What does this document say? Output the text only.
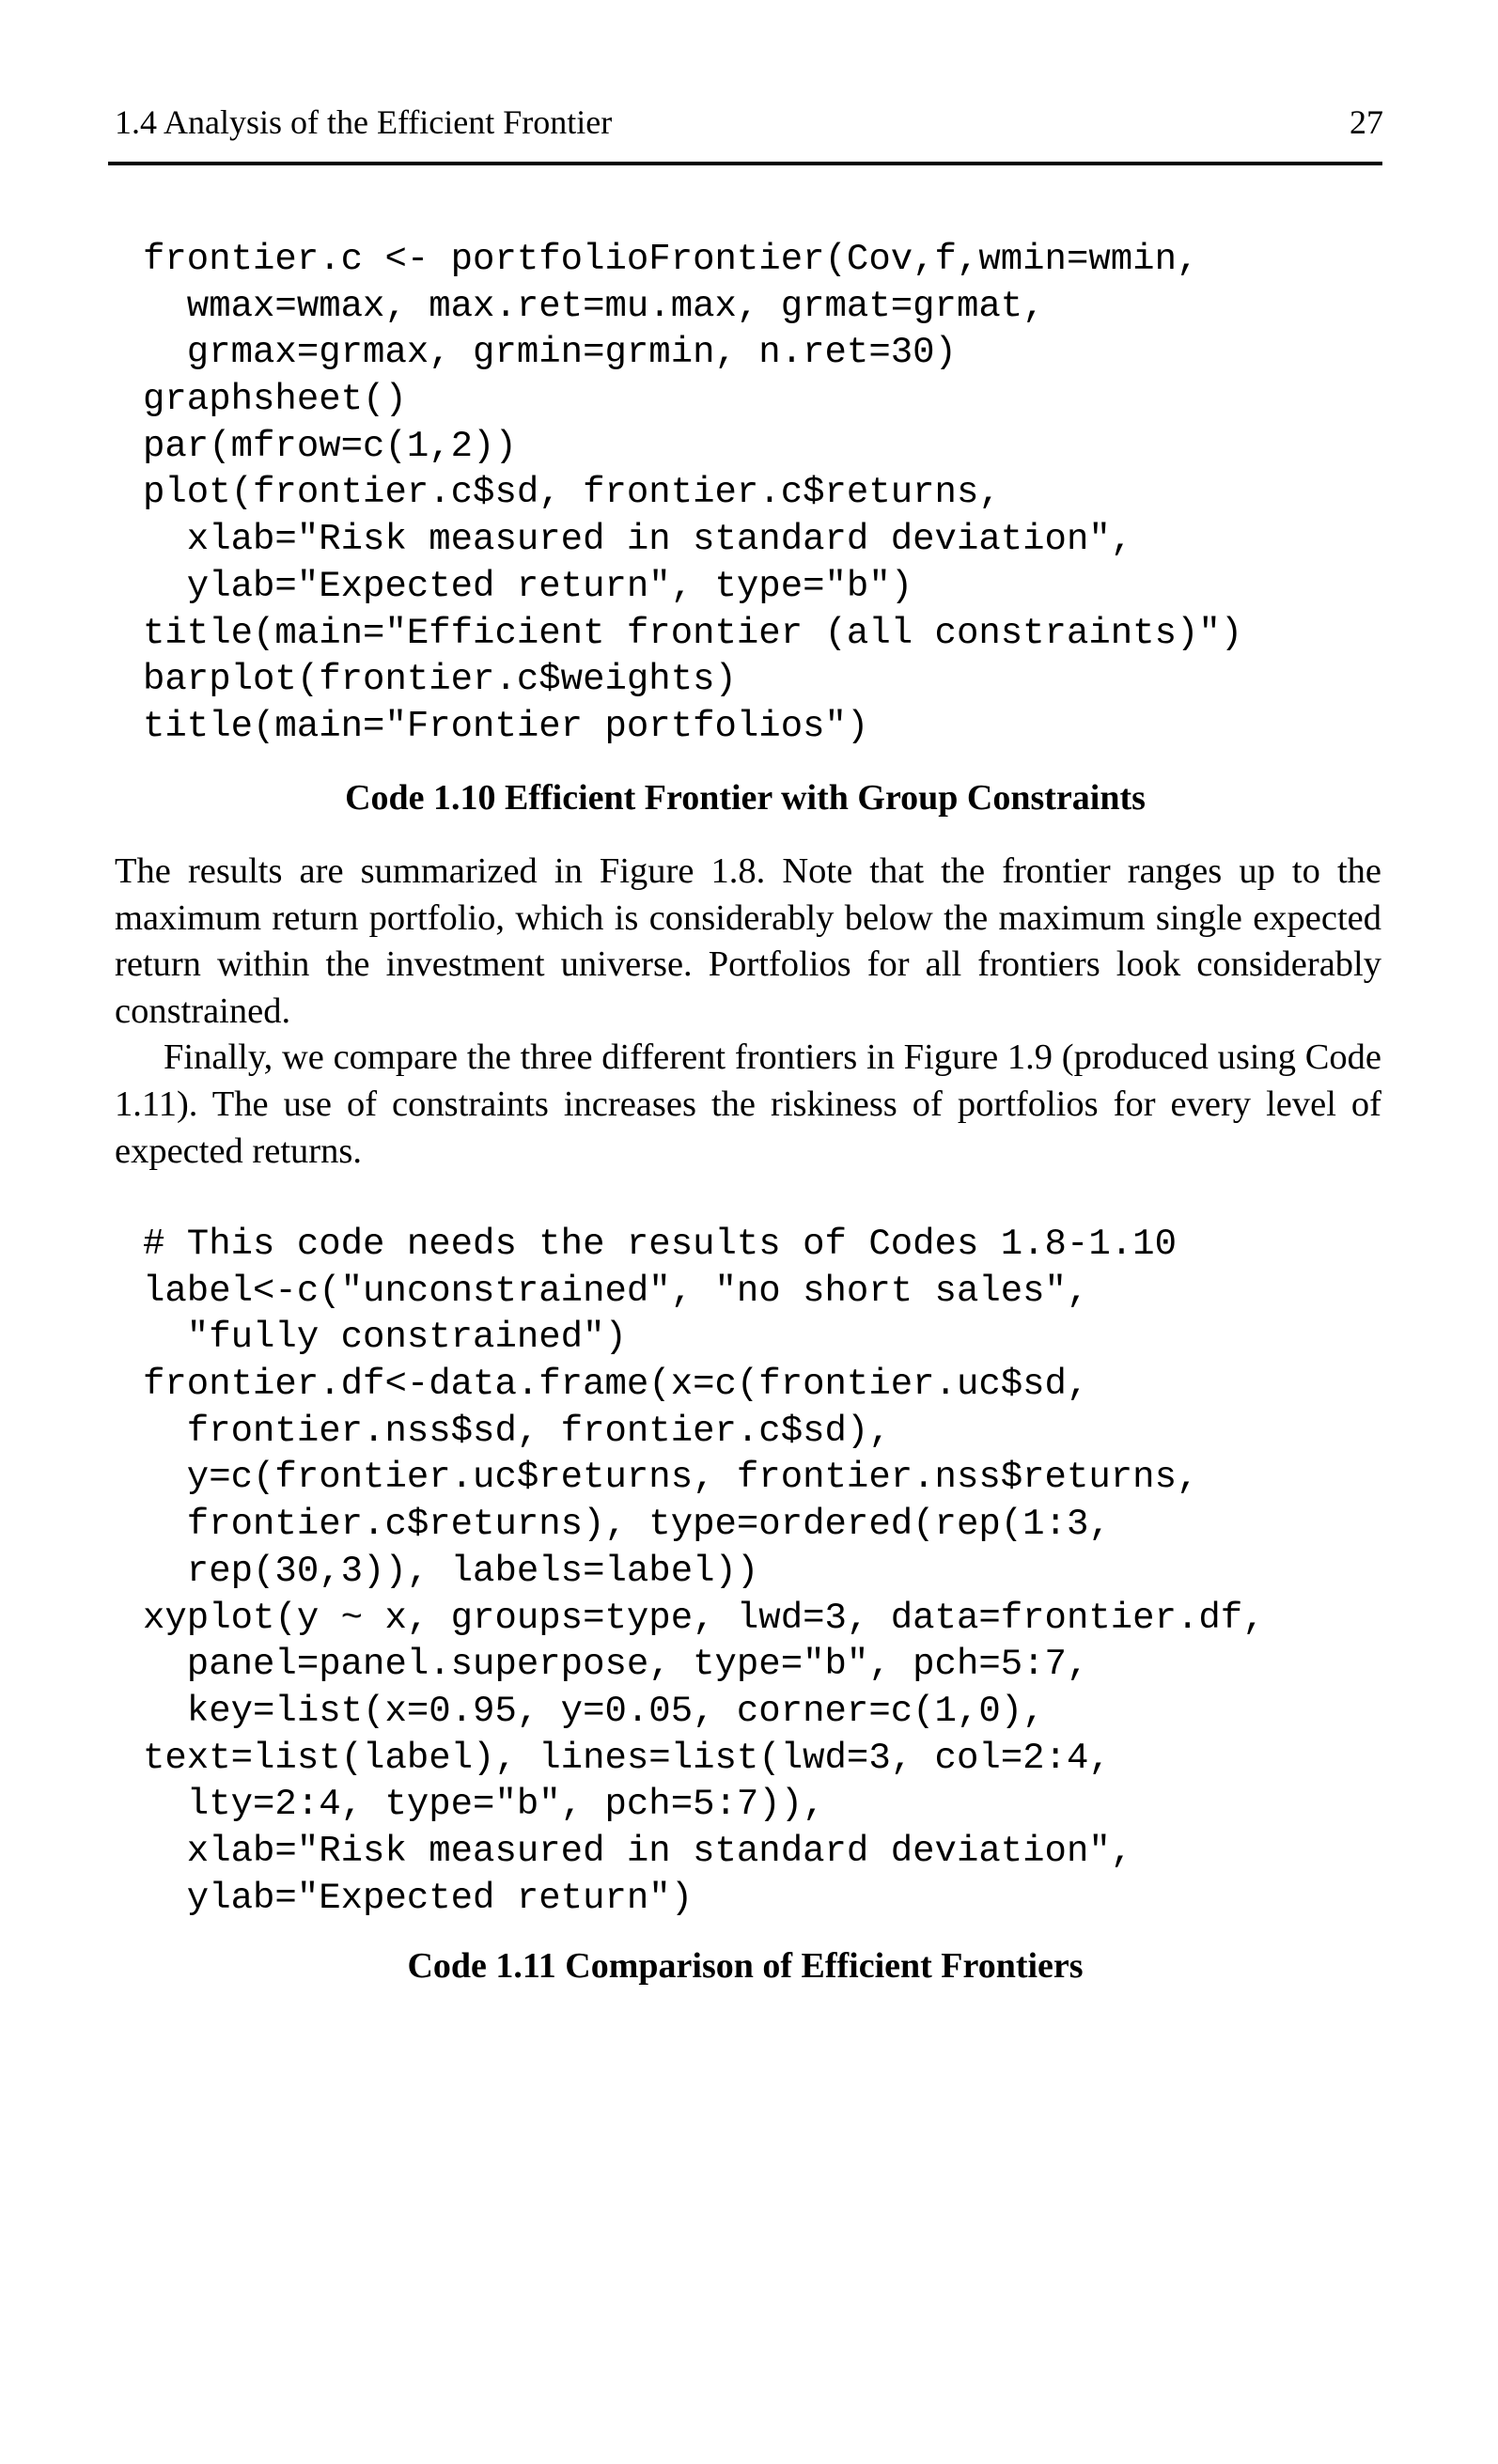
1.4 Analysis of the Efficient Frontier	27
frontier.c <- portfolioFrontier(Cov,f,wmin=wmin,
wmax=wmax, max.ret=mu.max, grmat=grmat,
grmax=grmax, grmin=grmin, n.ret=30)
graphsheet()
par(mfrow=c(1,2))
plot(frontier.c$sd, frontier.c$returns,
xlab="Risk measured in standard deviation",
ylab="Expected return", type="b")
title(main="Efficient frontier (all constraints)")
barplot(frontier.c$weights)
title(main="Frontier portfolios")
Code 1.10 Efficient Frontier with Group Constraints

The results are summarized in Figure 1.8. Note that the frontier ranges up to the maximum return portfolio, which is considerably below the maximum single expected return within the investment universe. Portfolios for all frontiers look considerably constrained.

Finally, we compare the three different frontiers in Figure 1.9 (produced using Code 1.11). The use of constraints increases the riskiness of portfolios for every level of expected returns.

# This code needs the results of Codes 1.8-1.10
label<-c("unconstrained", "no short sales",
"fully constrained")
frontier.df<-data.frame(x=c(frontier.uc$sd,
frontier.nss$sd, frontier.c$sd),
y=c(frontier.uc$returns, frontier.nss$returns,
frontier.c$returns), type=ordered(rep(1:3,
rep(30,3)), labels=label))
xyplot(y ~ x, groups=type, lwd=3, data=frontier.df,
panel=panel.superpose, type="b", pch=5:7,
key=list(x=0.95, y=0.05, corner=c(1,0),
text=list(label), lines=list(lwd=3, col=2:4,
lty=2:4, type="b", pch=5:7)),
xlab="Risk measured in standard deviation",
ylab="Expected return")
Code 1.11 Comparison of Efficient Frontiers
